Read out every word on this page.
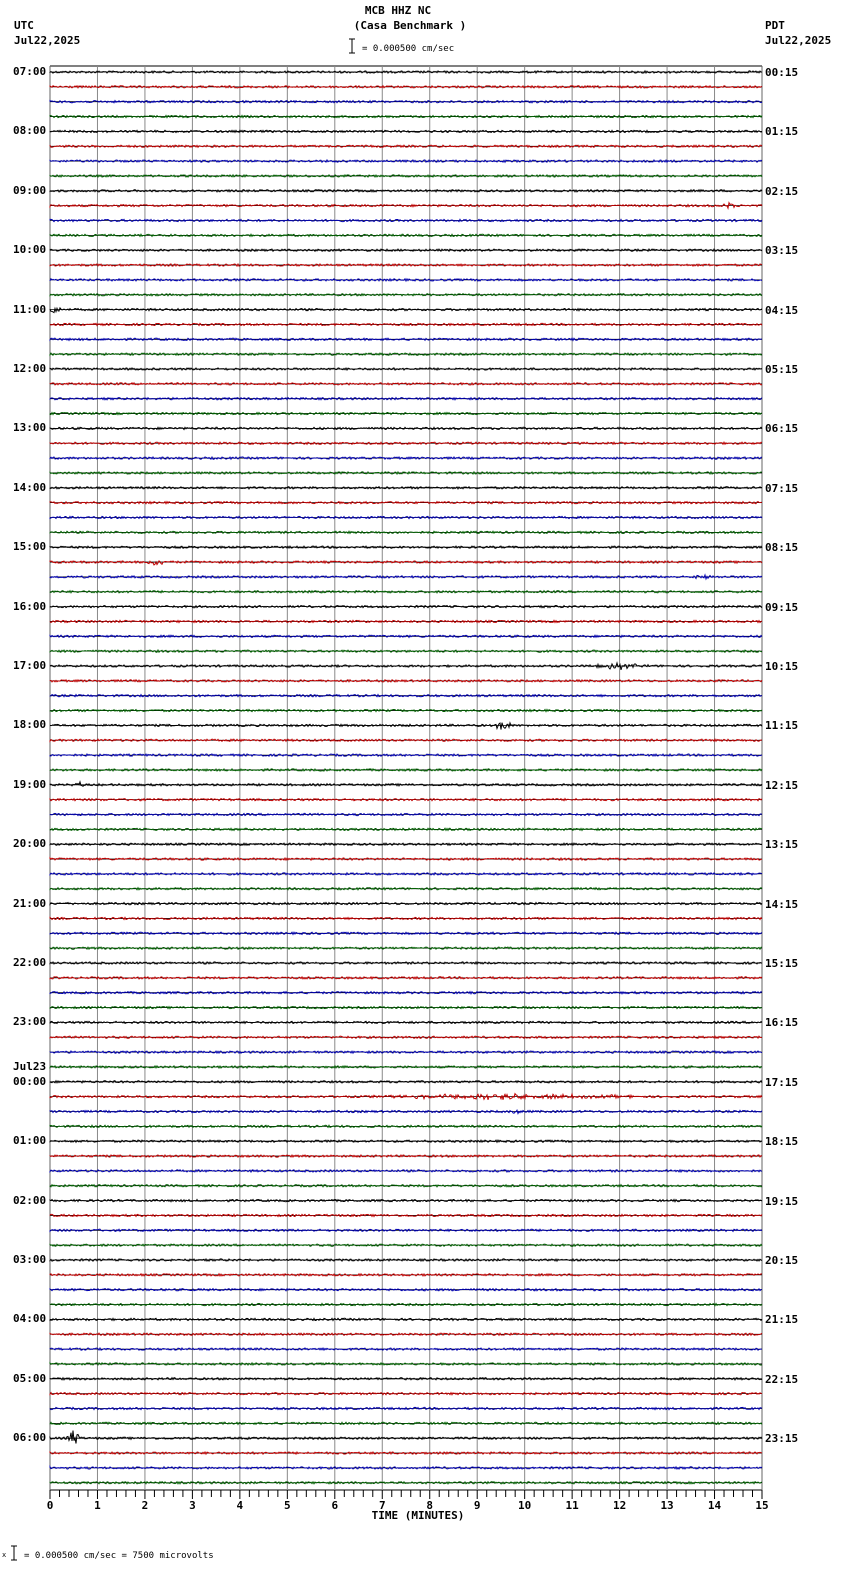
MCB HHZ NC
(Casa Benchmark )
UTC
Jul22,2025
PDT
Jul22,2025
= 0.000500 cm/sec
07:00
08:00
09:00
10:00
11:00
12:00
13:00
14:00
15:00
16:00
17:00
18:00
19:00
20:00
21:00
22:00
23:00
Jul23
00:00
01:00
02:00
03:00
04:00
05:00
06:00
00:15
01:15
02:15
03:15
04:15
05:15
06:15
07:15
08:15
09:15
10:15
11:15
12:15
13:15
14:15
15:15
16:15
17:15
18:15
19:15
20:15
21:15
22:15
23:15
0	1	2	3	4	5	6	7	8	9	10	11	12	13	14	15
TIME (MINUTES)
x = 0.000500 cm/sec = 7500 microvolts
